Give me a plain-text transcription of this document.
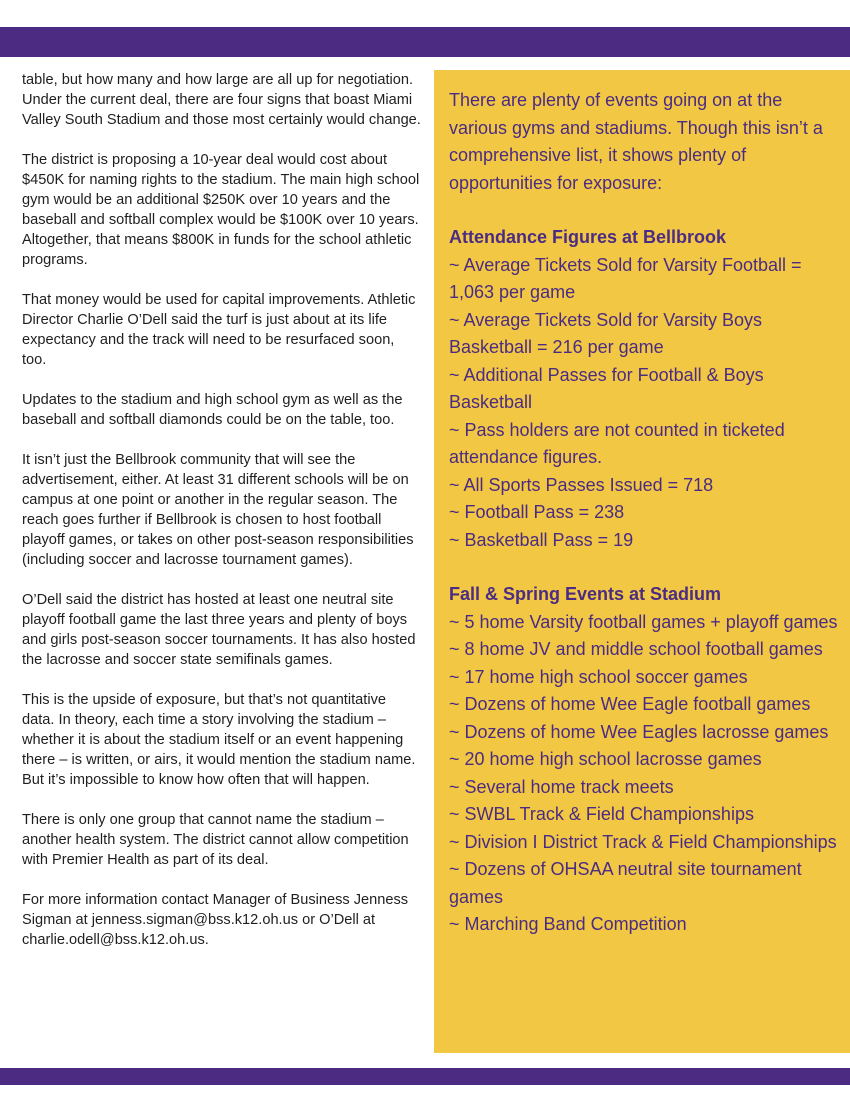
table, but how many and how large are all up for negotiation. Under the current deal, there are four signs that boast Miami Valley South Stadium and those most certainly would change.

The district is proposing a 10-year deal would cost about $450K for naming rights to the stadium. The main high school gym would be an additional $250K over 10 years and the baseball and softball complex would be $100K over 10 years. Altogether, that means $800K in funds for the school athletic programs.

That money would be used for capital improvements. Athletic Director Charlie O’Dell said the turf is just about at its life expectancy and the track will need to be resurfaced soon, too.

Updates to the stadium and high school gym as well as the baseball and softball diamonds could be on the table, too.

It isn’t just the Bellbrook community that will see the advertisement, either. At least 31 different schools will be on campus at one point or another in the regular season. The reach goes further if Bellbrook is chosen to host football playoff games, or takes on other post-season responsibilities (including soccer and lacrosse tournament games).

O’Dell said the district has hosted at least one neutral site playoff football game the last three years and plenty of boys and girls post-season soccer tournaments. It has also hosted the lacrosse and soccer state semifinals games.

This is the upside of exposure, but that’s not quantitative data. In theory, each time a story involving the stadium – whether it is about the stadium itself or an event happening there – is written, or airs, it would mention the stadium name. But it’s impossible to know how often that will happen.

There is only one group that cannot name the stadium – another health system. The district cannot allow competition with Premier Health as part of its deal.

For more information contact Manager of Business Jenness Sigman at jenness.sigman@bss.k12.oh.us or O’Dell at charlie.odell@bss.k12.oh.us.

There are plenty of events going on at the various gyms and stadiums. Though this isn’t a comprehensive list, it shows plenty of opportunities for exposure:

Attendance Figures at Bellbrook
~ Average Tickets Sold for Varsity Football = 1,063 per game
~ Average Tickets Sold for Varsity Boys Basketball = 216 per game
~ Additional Passes for Football & Boys Basketball
~ Pass holders are not counted in ticketed attendance figures.
~ All Sports Passes Issued = 718
~ Football Pass = 238
~ Basketball Pass = 19
Fall & Spring Events at Stadium
~ 5 home Varsity football games + playoff games
~ 8 home JV and middle school football games
~ 17 home high school soccer games
~ Dozens of home Wee Eagle football games
~ Dozens of home Wee Eagles lacrosse games
~ 20 home high school lacrosse games
~ Several home track meets
~ SWBL Track & Field Championships
~ Division I District Track & Field Championships
~ Dozens of OHSAA neutral site tournament games
~ Marching Band Competition
